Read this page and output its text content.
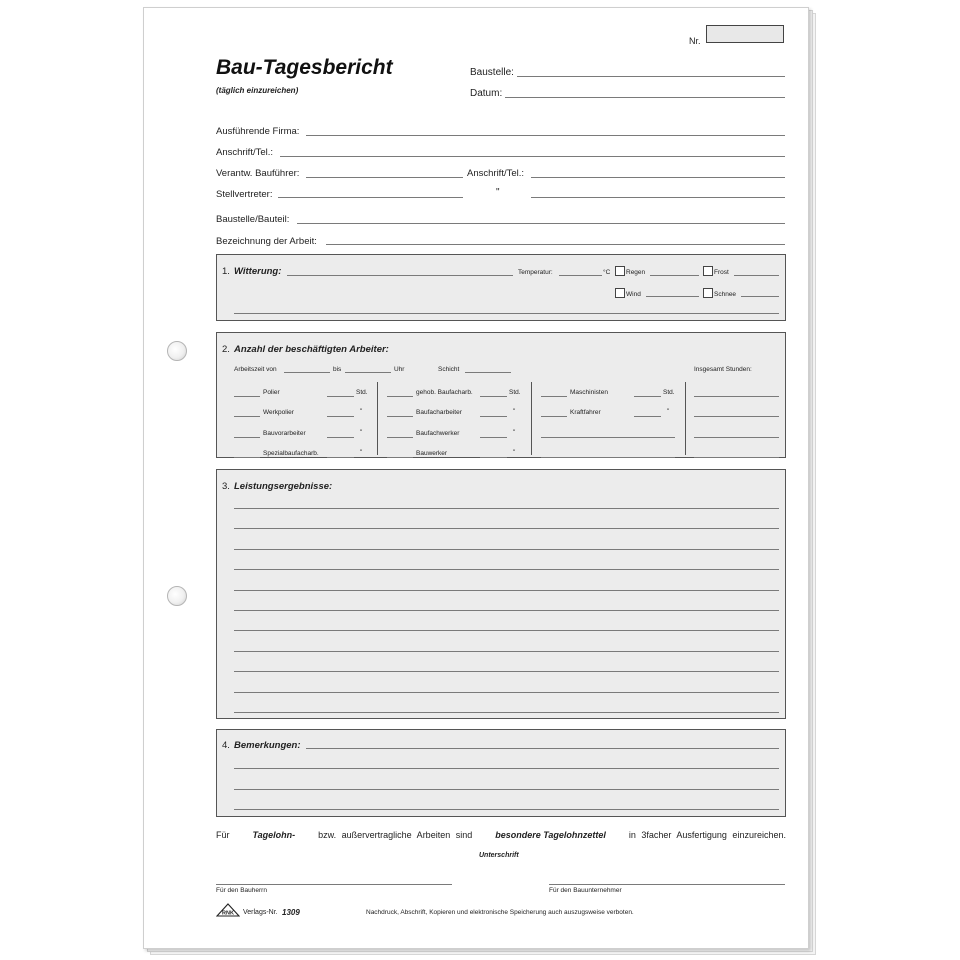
Nr.
Bau-Tagesbericht
(täglich einzureichen)
Baustelle:
Datum:
Ausführende Firma:
Anschrift/Tel.:
Verantw. Bauführer:	Anschrift/Tel.:
Stellvertreter:	"
Baustelle/Bauteil:
Bezeichnung der Arbeit:
1. Witterung:	Temperatur:	°C Regen	Frost
Wind	Schnee
2. Anzahl der beschäftigten Arbeiter:
Arbeitszeit von	bis	Uhr	Schicht	Insgesamt Stunden:
Polier	Std.
Werkpolier	"
Bauvorarbeiter	"
Spezialbaufacharb.	"
gehob. Baufacharb.	Std.
Baufacharbeiter	"
Baufachwerker	"
Bauwerker	"
Maschinisten	Std.
Kraftfahrer	"
3. Leistungsergebnisse:
4. Bemerkungen:
Für	Tagelohn-	bzw. außervertragliche Arbeiten sind	besondere Tagelohnzettel	in 3facher Ausfertigung einzureichen.
Unterschrift
Für den Bauherrn	Für den Bauunternehmer
RNK Verlags-Nr. 1309	Nachdruck, Abschrift, Kopieren und elektronische Speicherung auch auszugsweise verboten.
